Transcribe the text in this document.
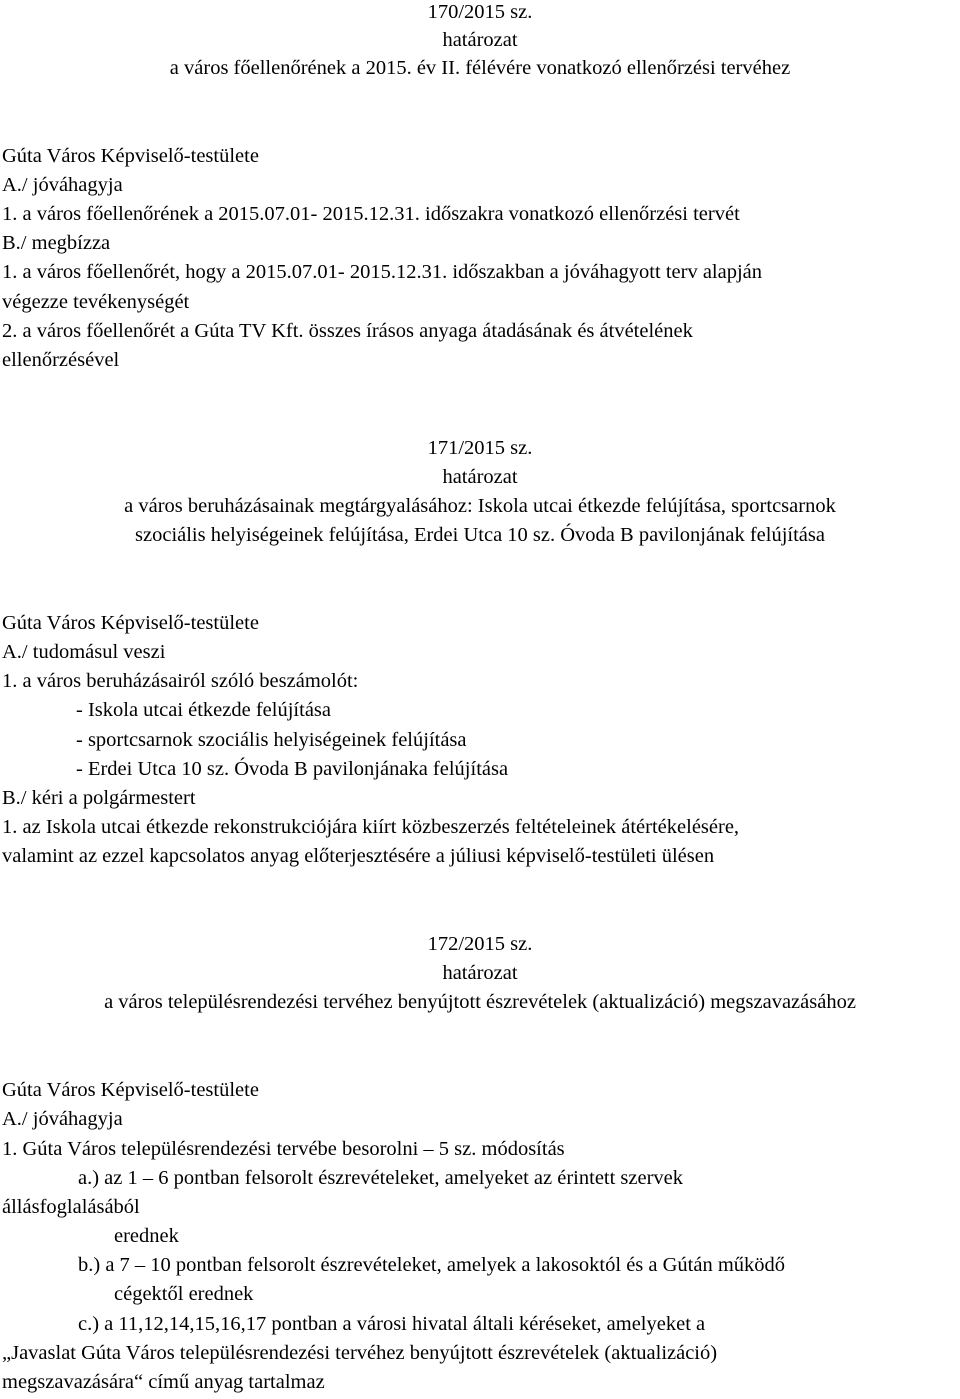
170/2015 sz.
határozat
a város főellenőrének a 2015. év II. félévére vonatkozó ellenőrzési tervéhez
Gúta Város Képviselő-testülete
A./ jóváhagyja
1. a város főellenőrének a 2015.07.01- 2015.12.31. időszakra vonatkozó ellenőrzési tervét
B./ megbízza
1. a város főellenőrét, hogy a 2015.07.01- 2015.12.31. időszakban a jóváhagyott terv alapján
végezze tevékenységét
2. a város főellenőrét a Gúta TV Kft. összes írásos anyaga átadásának és átvételének
ellenőrzésével
171/2015 sz.
határozat
a város beruházásainak megtárgyalásához: Iskola utcai étkezde felújítása, sportcsarnok
szociális helyiségeinek felújítása, Erdei Utca 10 sz. Óvoda B pavilonjának felújítása
Gúta Város Képviselő-testülete
A./ tudomásul veszi
1. a város beruházásairól szóló beszámolót:
- Iskola utcai étkezde felújítása
- sportcsarnok szociális helyiségeinek felújítása
- Erdei Utca 10 sz. Óvoda B pavilonjánaka felújítása
B./ kéri a polgármestert
1. az Iskola utcai étkezde rekonstrukciójára kiírt közbeszerzés feltételeinek átértékelésére,
valamint az ezzel kapcsolatos anyag előterjesztésére a júliusi képviselő-testületi ülésen
172/2015 sz.
határozat
a város településrendezési tervéhez benyújtott észrevételek (aktualizáció) megszavazásához
Gúta Város Képviselő-testülete
A./ jóváhagyja
1. Gúta Város településrendezési tervébe besorolni – 5 sz. módosítás
a.) az 1 – 6 pontban felsorolt észrevételeket, amelyeket az érintett szervek
állásfoglalásából
erednek
b.) a 7 – 10 pontban felsorolt észrevételeket, amelyek a lakosoktól és a Gútán működő
cégektől erednek
c.) a 11,12,14,15,16,17 pontban a városi hivatal általi kéréseket, amelyeket a
„Javaslat Gúta Város településrendezési tervéhez benyújtott észrevételek (aktualizáció)
megszavazására“ című anyag tartalmaz
